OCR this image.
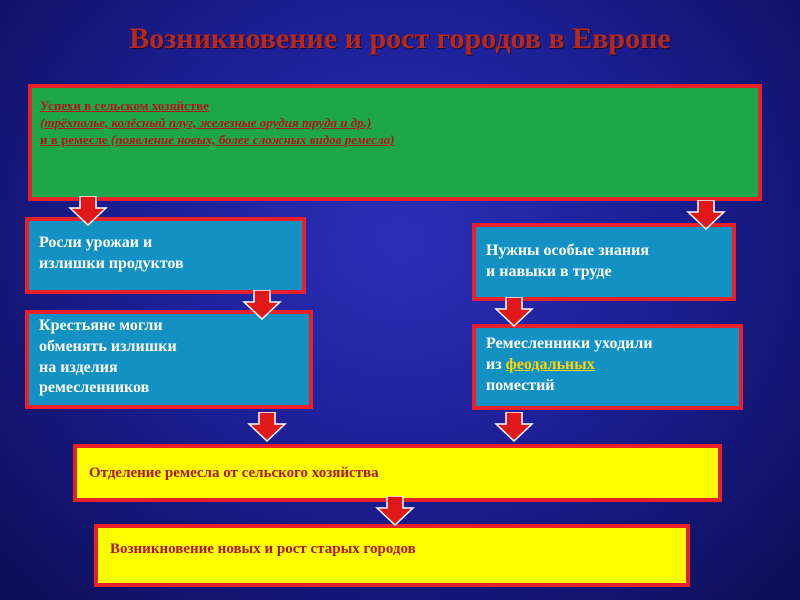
Возникновение и рост городов в Европе
Успехи в сельском хозяйстве
(трёхполье, колёсный плуг, железные орудия труда и др.)
и в ремесле (появление новых, более сложных видов ремесла)
Росли урожаи и
излишки продуктов
Крестьяне могли
обменять излишки
на изделия
ремесленников
Нужны особые знания
и навыки в труде
Ремесленники уходили
из феодальных
поместий
Отделение ремесла от сельского хозяйства
Возникновение новых и рост старых городов
